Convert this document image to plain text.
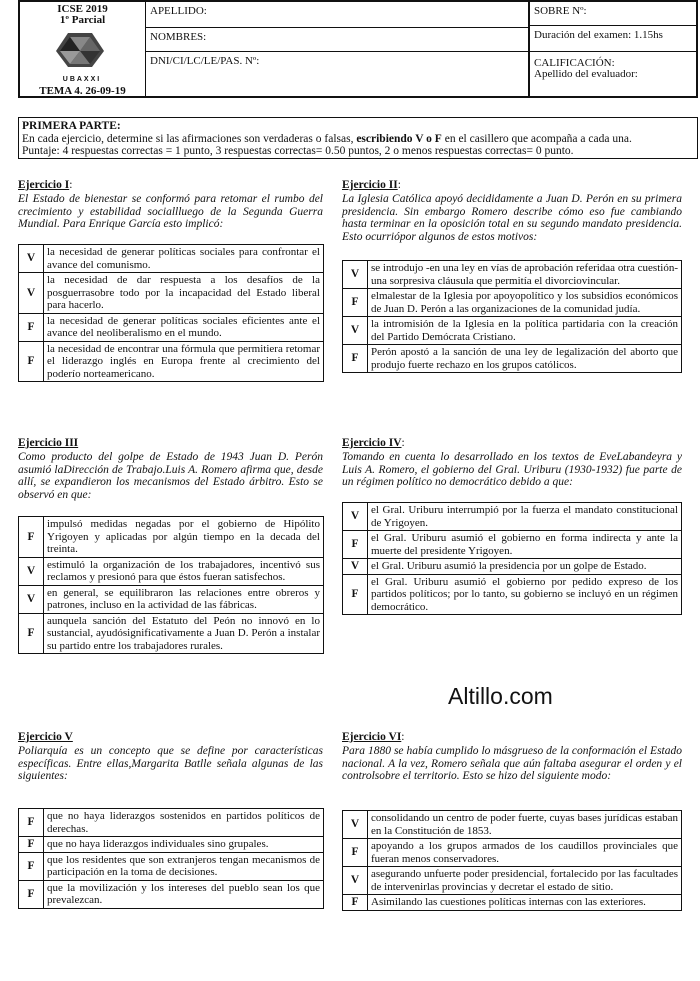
ICSE 2019
1º Parcial
UBAXXI
TEMA 4. 26-09-19
APELLIDO:
NOMBRES:
DNI/CI/LC/LE/PAS. Nº:
SOBRE Nº:
Duración del examen: 1.15hs
CALIFICACIÓN:
Apellido del evaluador:
PRIMERA PARTE:
En cada ejercicio, determine si las afirmaciones son verdaderas o falsas, escribiendo V o F en el casillero que acompaña a cada una.
Puntaje: 4 respuestas correctas = 1 punto, 3 respuestas correctas= 0.50 puntos, 2 o menos respuestas correctas= 0 punto.
Ejercicio I:
El Estado de bienestar se conformó para retomar el rumbo del crecimiento y estabilidad sociallluego de la Segunda Guerra Mundial. Para Enrique García esto implicó:
V	la necesidad de generar políticas sociales para confrontar el avance del comunismo.
V	la necesidad de dar respuesta a los desafíos de la posguerrasobre todo por la incapacidad del Estado liberal para hacerlo.
F	la necesidad de generar políticas sociales eficientes ante el avance del neoliberalismo en el mundo.
F	la necesidad de encontrar una fórmula que permitiera retomar el liderazgo inglés en Europa frente al crecimiento del poderío norteamericano.
Ejercicio II:
La Iglesia Católica apoyó decididamente a Juan D. Perón en su primera presidencia. Sin embargo Romero describe cómo eso fue cambiando hasta terminar en la oposición total en su segundo mandato presidencia. Esto ocurriópor algunos de estos motivos:
V	se introdujo -en una ley en vías de aprobación referidaa otra cuestión- una sorpresiva cláusula que permitía el divorciovincular.
F	elmalestar de la Iglesia por apoyopolítico y los subsidios económicos de Juan D. Perón a las organizaciones de la comunidad judía.
V	la intromisión de la Iglesia en la política partidaria con la creación del Partido Demócrata Cristiano.
F	Perón apostó a la sanción de una ley de legalización del aborto que produjo fuerte rechazo en los grupos católicos.
Ejercicio III
Como producto del golpe de Estado de 1943 Juan D. Perón asumió laDirección de Trabajo.Luis A. Romero afirma que, desde allí, se expandieron los mecanismos del Estado árbitro. Esto se observó en que:
F	impulsó medidas negadas por el gobierno de Hipólito Yrigoyen y aplicadas por algún tiempo en la decada del treinta.
V	estimuló la organización de los trabajadores, incentivó sus reclamos y presionó para que éstos fueran satisfechos.
V	en general, se equilibraron las relaciones entre obreros y patrones, incluso en la actividad de las fábricas.
F	aunquela sanción del Estatuto del Peón no innovó en lo sustancial, ayudósignificativamente a Juan D. Perón a instalar su partido entre los trabajadores rurales.
Ejercicio IV:
Tomando en cuenta lo desarrollado en los textos de EveLabandeyra y Luis A. Romero, el gobierno del Gral. Uriburu (1930-1932) fue parte de un régimen político no democrático debido a que:
V	el Gral. Uriburu interrumpió por la fuerza el mandato constitucional de Yrigoyen.
F	el Gral. Uriburu asumió el gobierno en forma indirecta y ante la muerte del presidente Yrigoyen.
V	el Gral. Uriburu asumió la presidencia por un golpe de Estado.
F	el Gral. Uriburu asumió el gobierno por pedido expreso de los partidos políticos; por lo tanto, su gobierno se incluyó en un régimen democrático.
Altillo.com
Ejercicio V
Poliarquía es un concepto que se define por características específicas. Entre ellas,Margarita Batlle señala algunas de las siguientes:
F	que no haya liderazgos sostenidos en partidos políticos de derechas.
F	que no haya liderazgos individuales sino grupales.
F	que los residentes que son extranjeros tengan mecanismos de participación en la toma de decisiones.
F	que la movilización y los intereses del pueblo sean los que prevalezcan.
Ejercicio VI:
Para 1880 se había cumplido lo másgrueso de la conformación el Estado nacional. A la vez, Romero señala que aún faltaba asegurar el orden y el controlsobre el territorio. Esto se hizo del siguiente modo:
V	consolidando un centro de poder fuerte, cuyas bases jurídicas estaban en la Constitución de 1853.
F	apoyando a los grupos armados de los caudillos provinciales que fueran menos conservadores.
V	asegurando unfuerte poder presidencial, fortalecido por las facultades de intervenirlas provincias y decretar el estado de sitio.
F	Asimilando las cuestiones políticas internas con las exteriores.
